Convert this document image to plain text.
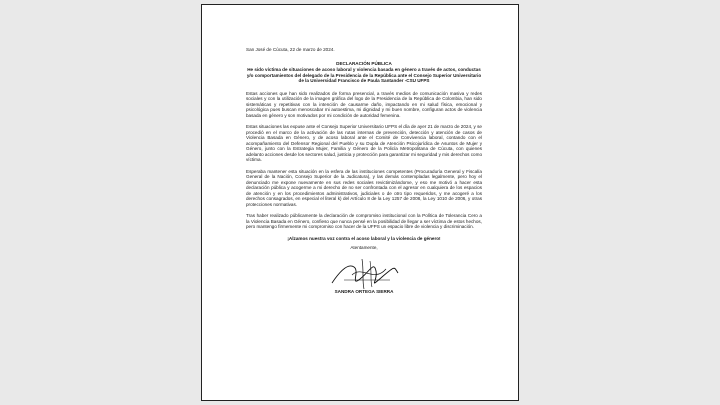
San José de Cúcuta, 22 de marzo de 2024.

DECLARACIÓN PÚBLICA

He sido víctima de situaciones de acoso laboral y violencia basada en género a través de actos, conductas y/o comportamientos del delegado de la Presidencia de la República ante el Consejo Superior Universitario de la Universidad Francisco de Paula Santander -CSU UFPS

Estas acciones que han sido realizados de forma presencial, a través medios de comunicación masiva y redes sociales y con la utilización de la imagen gráfica del logo de la Presidencia de la República de Colombia, han sido sistemáticas y repetitivas con la intención de causarme daño, impactando en mi salud física, emocional y psicológica pues buscan menoscabar mi autoestima, mi dignidad y mi buen nombre, configuran actos de violencia basada en género y son motivados por mi condición de autoridad femenina.

Estas situaciones las expuse ante el Consejo Superior Universitario UFPS el día de ayer 21 de marzo de 2024, y se procedió en el marco de la activación de las rutas internas de prevención, detección y atención de casos de Violencia Basada en Género, y de acoso laboral ante el Comité de Convivencia laboral, contando con el acompañamiento del Defensor Regional del Pueblo y su Dupla de Atención Psicojurídica de Asuntos de Mujer y Género, junto con la Estrategia Mujer, Familia y Género de la Policía Metropolitana de Cúcuta, con quienes adelanto acciones desde los sectores salud, justicia y protección para garantizar mi seguridad y mis derechos como víctima.

Esperaba mantener esta situación en la esfera de las instituciones competentes (Procuraduría General y Fiscalía General de la Nación, Consejo Superior de la Judicatura), y las demás contempladas legalmente, pero hoy el denunciado me expone nuevamente en sus redes sociales revictimizándome, y eso me motivó a hacer esta declaración pública y acogerme a mi derecho de no ser confrontada con el agresor en cualquiera de los espacios de atención y en los procedimientos administrativos, judiciales o de otro tipo requeridos, y me acogeré a los derechos consagrados, en especial el literal k) del Artículo 8 de la Ley 1257 de 2008, la Ley 1010 de 2006, y otras protecciones normativas.

Tras haber realizado públicamente la declaración de compromiso institucional con la Política de Tolerancia Cero a la Violencia Basada en Género, confieso que nunca pensé en la posibilidad de llegar a ser víctima de estos hechos, pero mantengo firmemente mi compromiso con hacer de la UFPS un espacio libre de violencia y discriminación.

¡Alzamos nuestra voz contra el acoso laboral y la violencia de género!

Atentamente,

SANDRA ORTEGA SIERRA
